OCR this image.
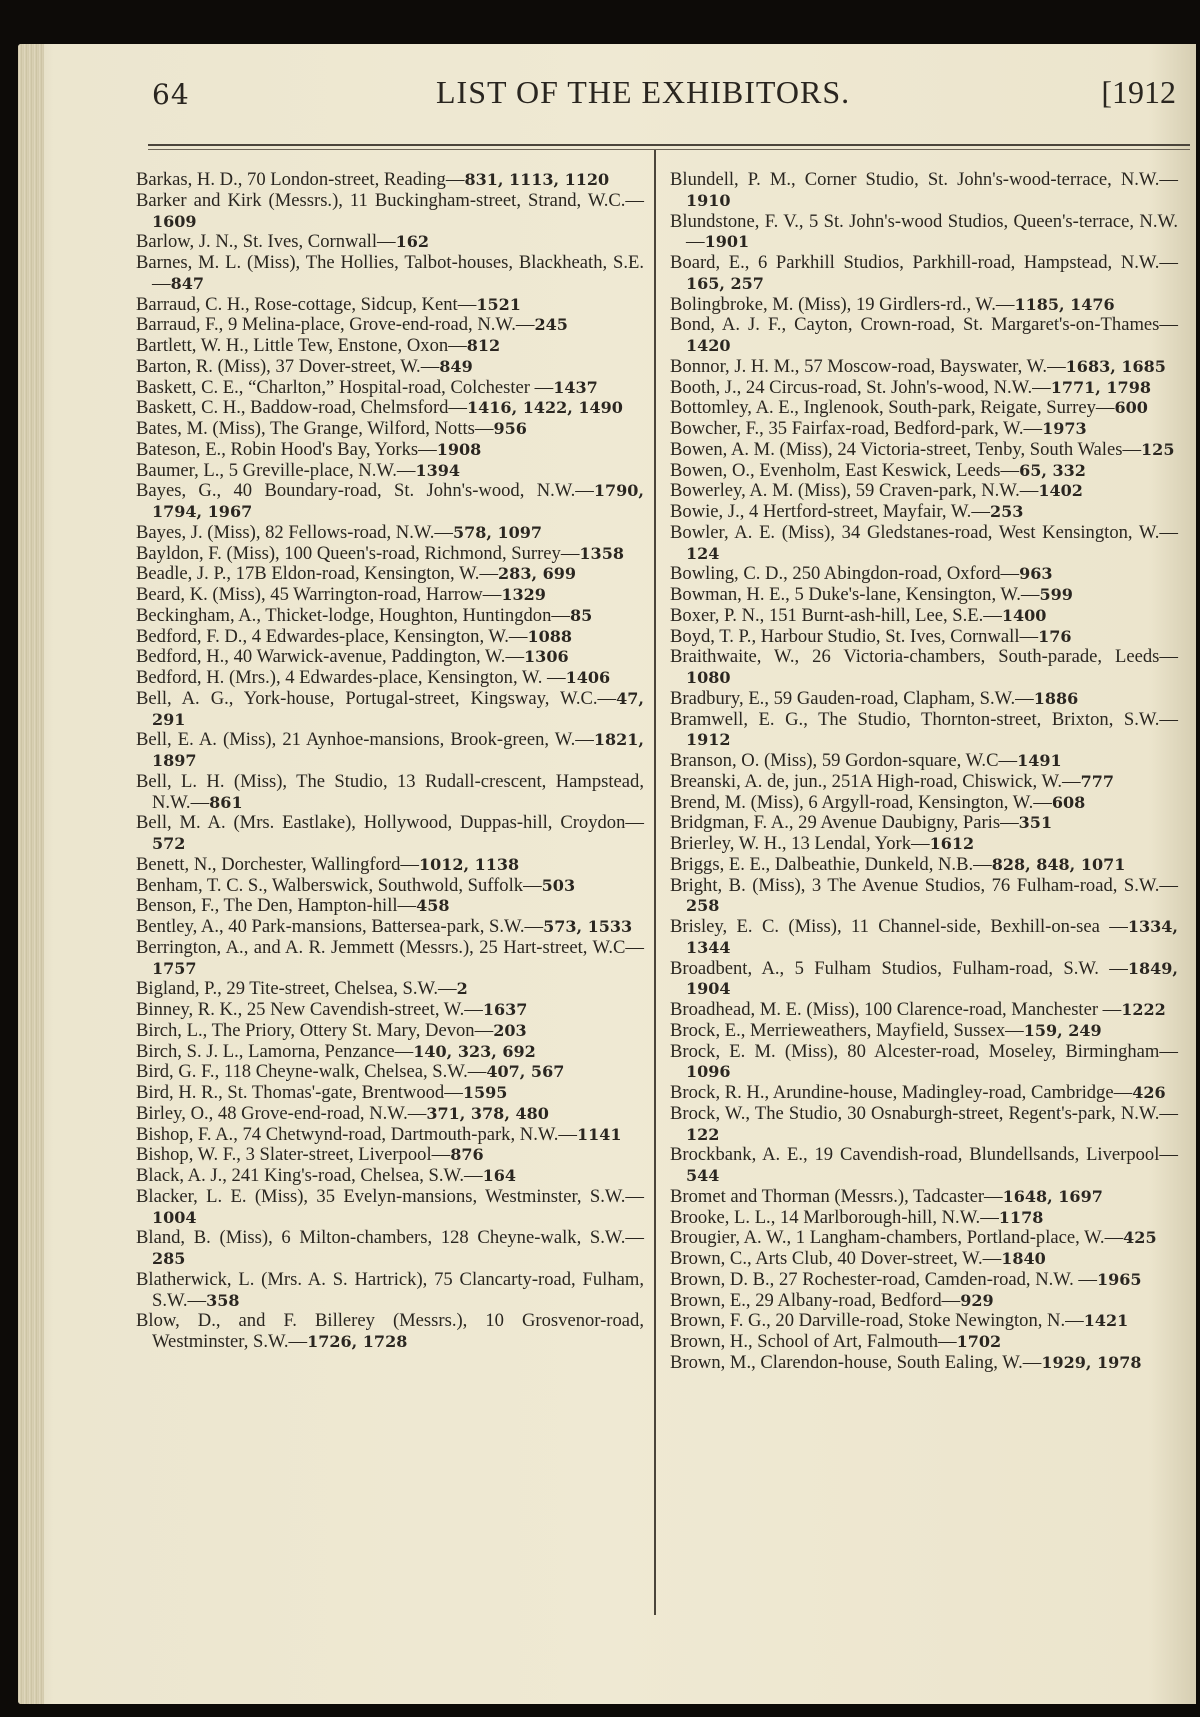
64	LIST OF THE EXHIBITORS.	[1912
Barkas, H. D., 70 London-street, Reading—831, 1113, 1120
Barker and Kirk (Messrs.), 11 Buckingham-street, Strand, W.C.—1609
Barlow, J. N., St. Ives, Cornwall—162
Barnes, M. L. (Miss), The Hollies, Talbot-houses, Blackheath, S.E.—847
Barraud, C. H., Rose-cottage, Sidcup, Kent—1521
Barraud, F., 9 Melina-place, Grove-end-road, N.W.—245
Bartlett, W. H., Little Tew, Enstone, Oxon—812
Barton, R. (Miss), 37 Dover-street, W.—849
Baskett, C. E., “Charlton,” Hospital-road, Colchester —1437
Baskett, C. H., Baddow-road, Chelmsford—1416, 1422, 1490
Bates, M. (Miss), The Grange, Wilford, Notts—956
Bateson, E., Robin Hood's Bay, Yorks—1908
Baumer, L., 5 Greville-place, N.W.—1394
Bayes, G., 40 Boundary-road, St. John's-wood, N.W.—1790, 1794, 1967
Bayes, J. (Miss), 82 Fellows-road, N.W.—578, 1097
Bayldon, F. (Miss), 100 Queen's-road, Richmond, Surrey—1358
Beadle, J. P., 17B Eldon-road, Kensington, W.—283, 699
Beard, K. (Miss), 45 Warrington-road, Harrow—1329
Beckingham, A., Thicket-lodge, Houghton, Huntingdon—85
Bedford, F. D., 4 Edwardes-place, Kensington, W.—1088
Bedford, H., 40 Warwick-avenue, Paddington, W.—1306
Bedford, H. (Mrs.), 4 Edwardes-place, Kensington, W. —1406
Bell, A. G., York-house, Portugal-street, Kingsway, W.C.—47, 291
Bell, E. A. (Miss), 21 Aynhoe-mansions, Brook-green, W.—1821, 1897
Bell, L. H. (Miss), The Studio, 13 Rudall-crescent, Hampstead, N.W.—861
Bell, M. A. (Mrs. Eastlake), Hollywood, Duppas-hill, Croydon—572
Benett, N., Dorchester, Wallingford—1012, 1138
Benham, T. C. S., Walberswick, Southwold, Suffolk—503
Benson, F., The Den, Hampton-hill—458
Bentley, A., 40 Park-mansions, Battersea-park, S.W.—573, 1533
Berrington, A., and A. R. Jemmett (Messrs.), 25 Hart-street, W.C—1757
Bigland, P., 29 Tite-street, Chelsea, S.W.—2
Binney, R. K., 25 New Cavendish-street, W.—1637
Birch, L., The Priory, Ottery St. Mary, Devon—203
Birch, S. J. L., Lamorna, Penzance—140, 323, 692
Bird, G. F., 118 Cheyne-walk, Chelsea, S.W.—407, 567
Bird, H. R., St. Thomas'-gate, Brentwood—1595
Birley, O., 48 Grove-end-road, N.W.—371, 378, 480
Bishop, F. A., 74 Chetwynd-road, Dartmouth-park, N.W.—1141
Bishop, W. F., 3 Slater-street, Liverpool—876
Black, A. J., 241 King's-road, Chelsea, S.W.—164
Blacker, L. E. (Miss), 35 Evelyn-mansions, Westminster, S.W.—1004
Bland, B. (Miss), 6 Milton-chambers, 128 Cheyne-walk, S.W.—285
Blatherwick, L. (Mrs. A. S. Hartrick), 75 Clancarty-road, Fulham, S.W.—358
Blow, D., and F. Billerey (Messrs.), 10 Grosvenor-road, Westminster, S.W.—1726, 1728
Blundell, P. M., Corner Studio, St. John's-wood-terrace, N.W.—1910
Blundstone, F. V., 5 St. John's-wood Studios, Queen's-terrace, N.W.—1901
Board, E., 6 Parkhill Studios, Parkhill-road, Hampstead, N.W.—165, 257
Bolingbroke, M. (Miss), 19 Girdlers-rd., W.—1185, 1476
Bond, A. J. F., Cayton, Crown-road, St. Margaret's-on-Thames—1420
Bonnor, J. H. M., 57 Moscow-road, Bayswater, W.—1683, 1685
Booth, J., 24 Circus-road, St. John's-wood, N.W.—1771, 1798
Bottomley, A. E., Inglenook, South-park, Reigate, Surrey—600
Bowcher, F., 35 Fairfax-road, Bedford-park, W.—1973
Bowen, A. M. (Miss), 24 Victoria-street, Tenby, South Wales—125
Bowen, O., Evenholm, East Keswick, Leeds—65, 332
Bowerley, A. M. (Miss), 59 Craven-park, N.W.—1402
Bowie, J., 4 Hertford-street, Mayfair, W.—253
Bowler, A. E. (Miss), 34 Gledstanes-road, West Kensington, W.—124
Bowling, C. D., 250 Abingdon-road, Oxford—963
Bowman, H. E., 5 Duke's-lane, Kensington, W.—599
Boxer, P. N., 151 Burnt-ash-hill, Lee, S.E.—1400
Boyd, T. P., Harbour Studio, St. Ives, Cornwall—176
Braithwaite, W., 26 Victoria-chambers, South-parade, Leeds—1080
Bradbury, E., 59 Gauden-road, Clapham, S.W.—1886
Bramwell, E. G., The Studio, Thornton-street, Brixton, S.W.—1912
Branson, O. (Miss), 59 Gordon-square, W.C—1491
Breanski, A. de, jun., 251A High-road, Chiswick, W.—777
Brend, M. (Miss), 6 Argyll-road, Kensington, W.—608
Bridgman, F. A., 29 Avenue Daubigny, Paris—351
Brierley, W. H., 13 Lendal, York—1612
Briggs, E. E., Dalbeathie, Dunkeld, N.B.—828, 848, 1071
Bright, B. (Miss), 3 The Avenue Studios, 76 Fulham-road, S.W.—258
Brisley, E. C. (Miss), 11 Channel-side, Bexhill-on-sea —1334, 1344
Broadbent, A., 5 Fulham Studios, Fulham-road, S.W. —1849, 1904
Broadhead, M. E. (Miss), 100 Clarence-road, Manchester —1222
Brock, E., Merrieweathers, Mayfield, Sussex—159, 249
Brock, E. M. (Miss), 80 Alcester-road, Moseley, Birmingham—1096
Brock, R. H., Arundine-house, Madingley-road, Cambridge—426
Brock, W., The Studio, 30 Osnaburgh-street, Regent's-park, N.W.—122
Brockbank, A. E., 19 Cavendish-road, Blundellsands, Liverpool—544
Bromet and Thorman (Messrs.), Tadcaster—1648, 1697
Brooke, L. L., 14 Marlborough-hill, N.W.—1178
Brougier, A. W., 1 Langham-chambers, Portland-place, W.—425
Brown, C., Arts Club, 40 Dover-street, W.—1840
Brown, D. B., 27 Rochester-road, Camden-road, N.W. —1965
Brown, E., 29 Albany-road, Bedford—929
Brown, F. G., 20 Darville-road, Stoke Newington, N.—1421
Brown, H., School of Art, Falmouth—1702
Brown, M., Clarendon-house, South Ealing, W.—1929, 1978
